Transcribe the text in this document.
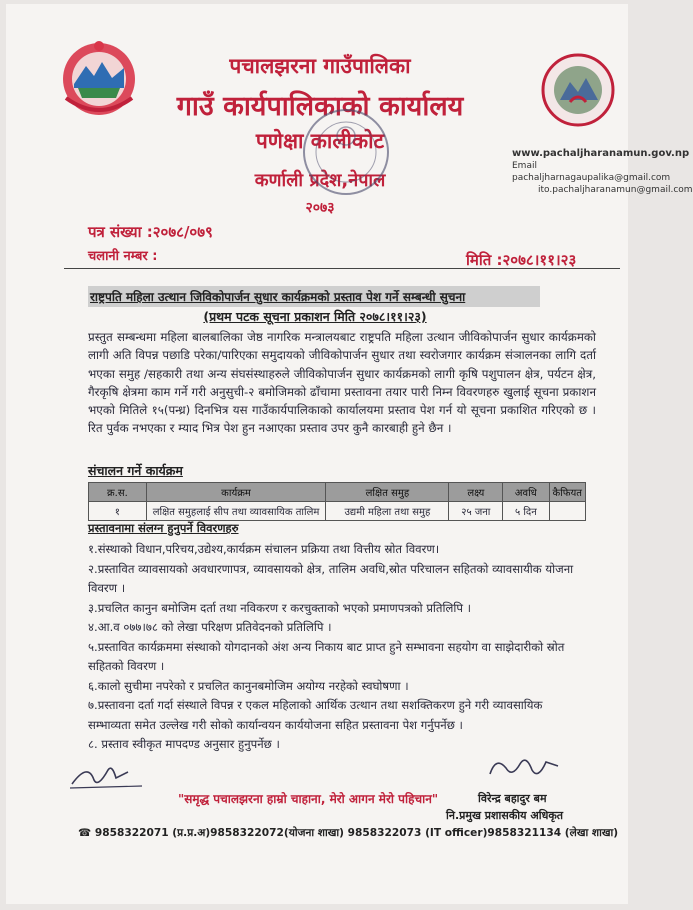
पचालझरना गाउँपालिका
गाउँ कार्यपालिकाको कार्यालय
पणेक्षा कालीकोट
कर्णाली प्रदेश,नेपाल
२०७३
www.pachaljharanamun.gov.np
Email pachaljharnagaupalika@gmail.com
ito.pachaljharanamun@gmail.com
पत्र संख्या :२०७८/०७९
चलानी नम्बर :	मिति :२०७८।११।२३
राष्ट्रपति महिला उत्थान जिविकोपार्जन सुधार कार्यक्रमको प्रस्ताव पेश गर्ने सम्बन्धी सुचना
(प्रथम पटक सूचना प्रकाशन मिति २०७८।११।२३)
प्रस्तुत सम्बन्धमा महिला बालबालिका जेष्ठ नागरिक मन्त्रालयबाट राष्ट्रपति महिला उत्थान जीविकोपार्जन सुधार कार्यक्रमको लागी अति विपन्न पछाडि परेका/पारिएका समुदायको जीविकोपार्जन सुधार तथा स्वरोजगार कार्यक्रम संञालनका लागि दर्ता भएका समुह /सहकारी तथा अन्य संघसंस्थाहरुले जीविकोपार्जन सुधार कार्यक्रमको लागी कृषि पशुपालन क्षेत्र, पर्यटन क्षेत्र, गैरकृषि क्षेत्रमा काम गर्ने गरी अनुसुची-२ बमोजिमको ढाँचामा प्रस्तावना तयार पारी निम्न विवरणहरु खुलाई सूचना प्रकाशन भएको मितिले १५(पन्ध्र) दिनभित्र यस गाउँकार्यपालिकाको कार्यालयमा प्रस्ताव पेश गर्न यो सूचना प्रकाशित गरिएको छ ।रित पुर्वक नभएका र म्याद भित्र पेश हुन नआएका प्रस्ताव उपर कुनै कारबाही हुने छैन ।
संचालन गर्ने कार्यक्रम
क्र.स.	कार्यक्रम	लक्षित समुह	लक्ष्य	अवधि	कैफियत
१	लक्षित समुहलाई सीप तथा व्यावसायिक तालिम	उद्यमी महिला तथा समुह	२५ जना	५ दिन	
प्रस्तावनामा संलग्न हुनुपर्ने विवरणहरु
१.संस्थाको विधान,परिचय,उद्येश्य,कार्यक्रम संचालन प्रक्रिया तथा वित्तीय स्रोत विवरण।
२.प्रस्तावित व्यावसायको अवधारणापत्र, व्यावसायको क्षेत्र, तालिम अवधि,स्रोत परिचालन सहितको व्यावसायीक योजना विवरण ।
३.प्रचलित कानुन बमोजिम दर्ता तथा नविकरण र करचुक्ताको भएको प्रमाणपत्रको प्रतिलिपि ।
४.आ.व ०७७।७८ को लेखा परिक्षण प्रतिवेदनको प्रतिलिपि ।
५.प्रस्तावित कार्यक्रममा संस्थाको योगदानको अंश अन्य निकाय बाट प्राप्त हुने सम्भावना सहयोग वा साझेदारीको स्रोत सहितको विवरण ।
६.कालो सुचीमा नपरेको र प्रचलित कानुनबमोजिम अयोग्य नरहेको स्वघोषणा ।
७.प्रस्तावना दर्ता गर्दा संस्थाले विपन्न र एकल महिलाको आर्थिक उत्थान तथा सशक्तिकरण हुने गरी व्यावसायिक सम्भाव्यता समेत उल्लेख गरी सोको कार्यान्वयन कार्ययोजना सहित प्रस्तावना पेश गर्नुपर्नेछ ।
८. प्रस्ताव स्वीकृत मापदण्ड अनुसार हुनुपर्नेछ ।
"समृद्ध पचालझरना हाम्रो चाहाना, मेरो आगन मेरो पहिचान"	विरेन्द्र बहादुर बम
नि.प्रमुख प्रशासकीय अधिकृत
☎ 9858322071 (प्र.प्र.अ)9858322072(योजना शाखा) 9858322073 (IT officer)9858321134 (लेखा शाखा)
